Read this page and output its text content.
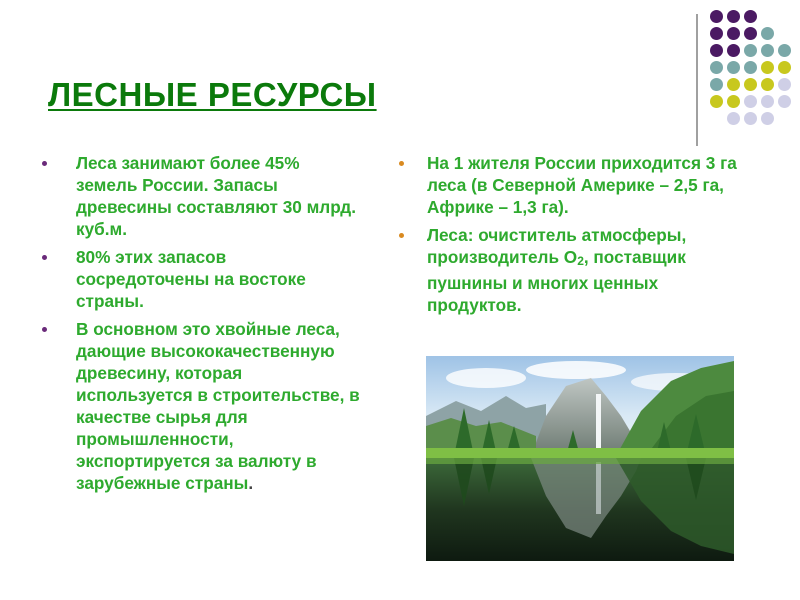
ЛЕСНЫЕ РЕСУРСЫ
Леса занимают более 45% земель России. Запасы древесины составляют 30 млрд. куб.м.
80% этих запасов сосредоточены на востоке страны.
В основном это хвойные леса, дающие высококачественную древесину, которая используется в строительстве, в качестве сырья для промышленности, экспортируется за валюту в зарубежные страны.
На 1 жителя России приходится 3 га леса (в Северной Америке – 2,5 га, Африке – 1,3 га).
Леса: очиститель атмосферы, производитель О2, поставщик пушнины и многих ценных продуктов.
